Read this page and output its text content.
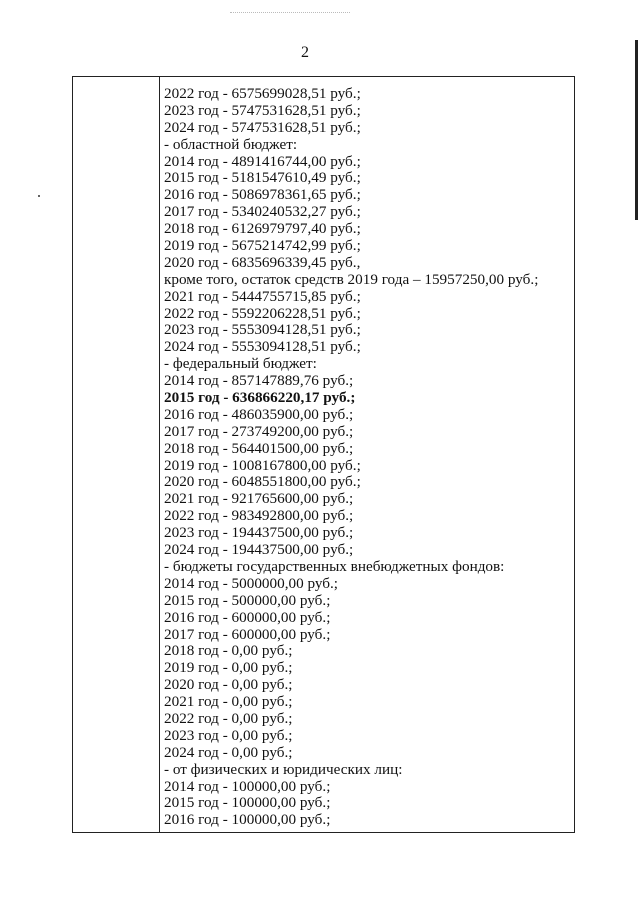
2
2022 год - 6575699028,51 руб.;
2023 год - 5747531628,51 руб.;
2024 год - 5747531628,51 руб.;
- областной бюджет:
2014 год - 4891416744,00 руб.;
2015 год - 5181547610,49 руб.;
2016 год - 5086978361,65 руб.;
2017 год - 5340240532,27 руб.;
2018 год - 6126979797,40 руб.;
2019 год - 5675214742,99 руб.;
2020 год - 6835696339,45 руб.,
кроме того, остаток средств 2019 года – 15957250,00 руб.;
2021 год - 5444755715,85 руб.;
2022 год - 5592206228,51 руб.;
2023 год - 5553094128,51 руб.;
2024 год - 5553094128,51 руб.;
- федеральный бюджет:
2014 год - 857147889,76 руб.;
2015 год - 636866220,17 руб.;
2016 год - 486035900,00 руб.;
2017 год - 273749200,00 руб.;
2018 год - 564401500,00 руб.;
2019 год - 1008167800,00 руб.;
2020 год - 6048551800,00 руб.;
2021 год - 921765600,00 руб.;
2022 год - 983492800,00 руб.;
2023 год - 194437500,00 руб.;
2024 год - 194437500,00 руб.;
- бюджеты государственных внебюджетных фондов:
2014 год - 5000000,00 руб.;
2015 год - 500000,00 руб.;
2016 год - 600000,00 руб.;
2017 год - 600000,00 руб.;
2018 год - 0,00 руб.;
2019 год - 0,00 руб.;
2020 год - 0,00 руб.;
2021 год - 0,00 руб.;
2022 год - 0,00 руб.;
2023 год - 0,00 руб.;
2024 год - 0,00 руб.;
- от физических и юридических лиц:
2014 год - 100000,00 руб.;
2015 год - 100000,00 руб.;
2016 год - 100000,00 руб.;
